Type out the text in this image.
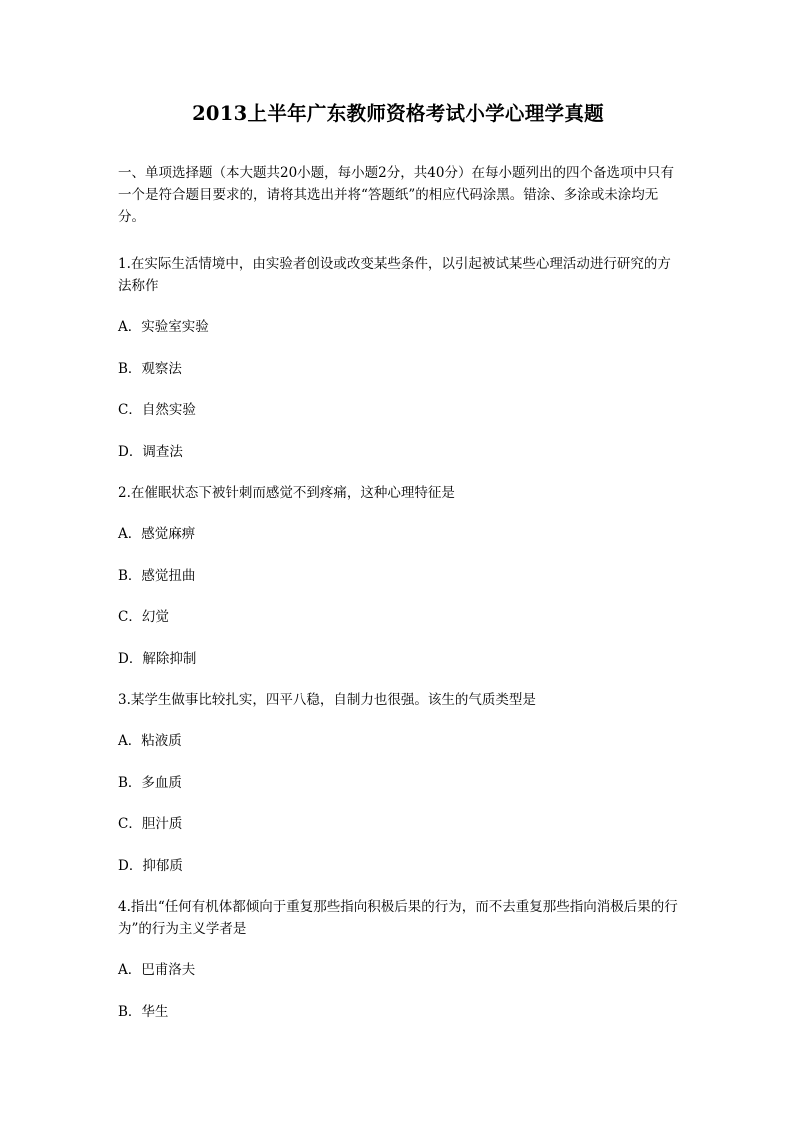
2013上半年广东教师资格考试小学心理学真题

一、单项选择题（本大题共20小题，每小题2分，共40分）在每小题列出的四个备选项中只有一个是符合题目要求的，请将其选出并将“答题纸”的相应代码涂黑。错涂、多涂或未涂均无分。

1.在实际生活情境中，由实验者创设或改变某些条件，以引起被试某些心理活动进行研究的方法称作

A．实验室实验

B．观察法

C．自然实验

D．调查法

2.在催眠状态下被针刺而感觉不到疼痛，这种心理特征是

A．感觉麻痹

B．感觉扭曲

C．幻觉

D．解除抑制

3.某学生做事比较扎实，四平八稳，自制力也很强。该生的气质类型是

A．粘液质

B．多血质

C．胆汁质

D．抑郁质

4.指出“任何有机体都倾向于重复那些指向积极后果的行为，而不去重复那些指向消极后果的行为”的行为主义学者是

A．巴甫洛夫

B．华生
